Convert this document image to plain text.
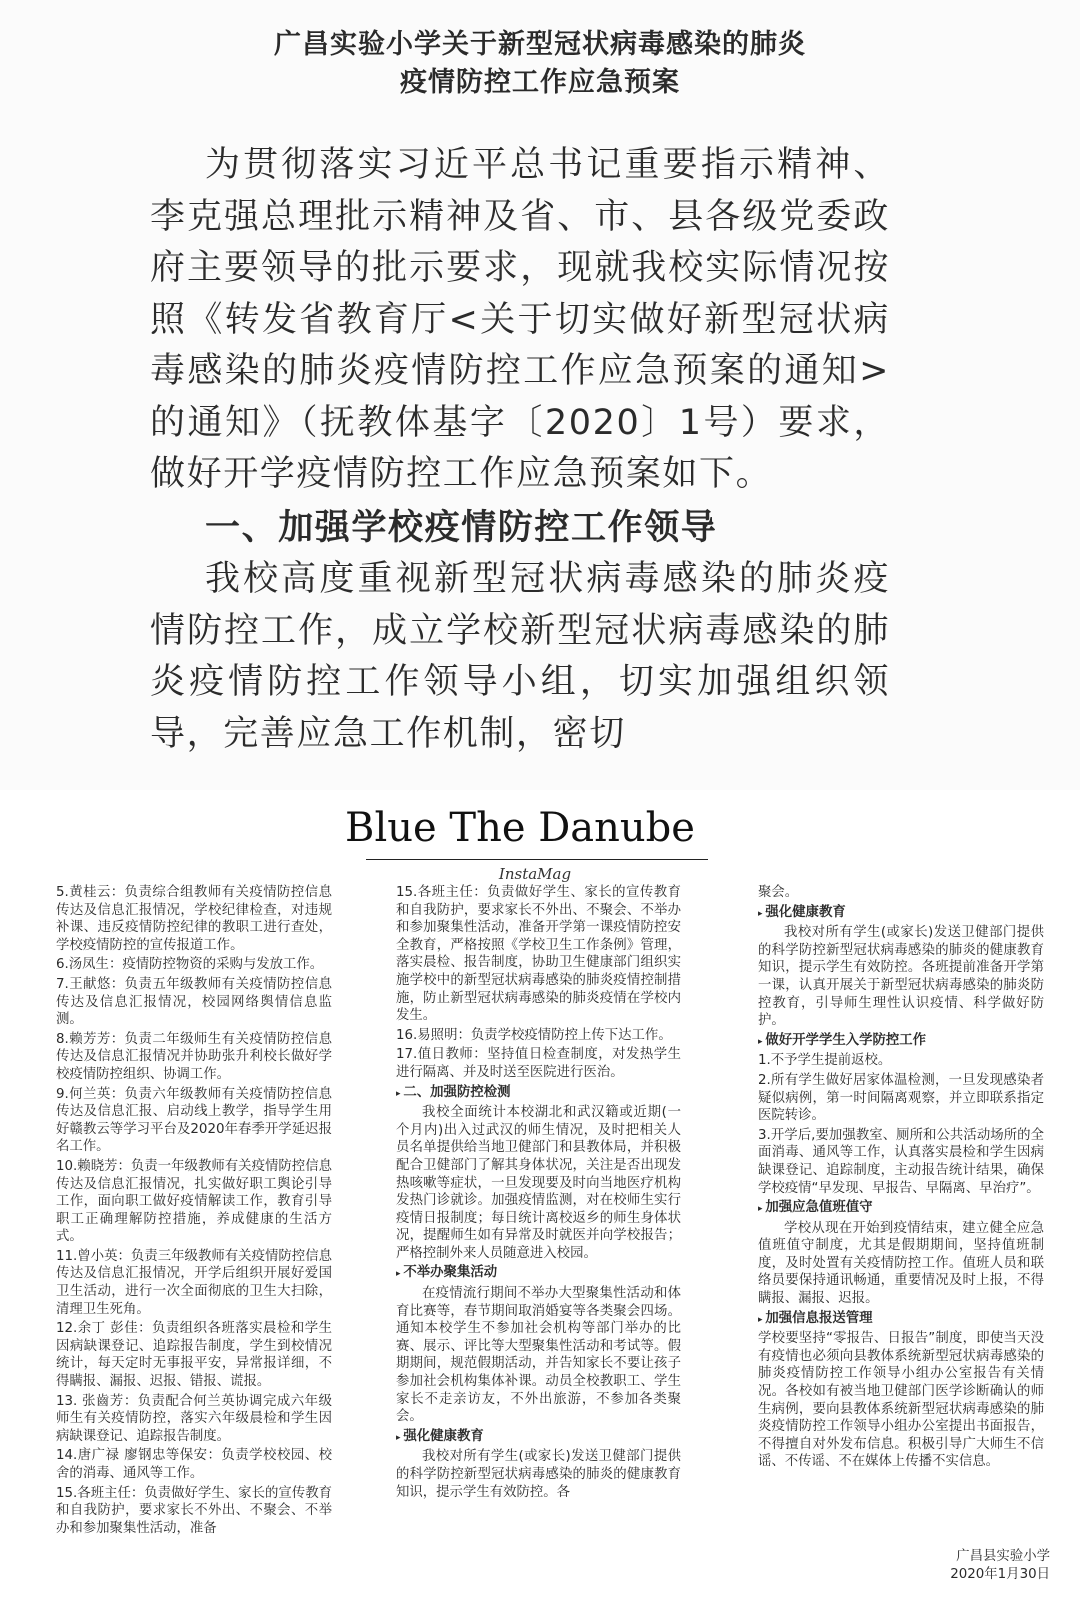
广昌实验小学关于新型冠状病毒感染的肺炎
疫情防控工作应急预案

为贯彻落实习近平总书记重要指示精神、李克强总理批示精神及省、市、县各级党委政府主要领导的批示要求，现就我校实际情况按照《转发省教育厅<关于切实做好新型冠状病毒感染的肺炎疫情防控工作应急预案的通知>的通知》（抚教体基字〔2020〕1号）要求，做好开学疫情防控工作应急预案如下。

一、加强学校疫情防控工作领导

我校高度重视新型冠状病毒感染的肺炎疫情防控工作，成立学校新型冠状病毒感染的肺炎疫情防控工作领导小组，切实加强组织领导，完善应急工作机制，密切

Blue The Danube
InstaMag

5.黄桂云：负责综合组教师有关疫情防控信息传达及信息汇报情况，学校纪律检查，对违规补课、违反疫情防控纪律的教职工进行查处，学校疫情防控的宣传报道工作。

6.汤凤生：疫情防控物资的采购与发放工作。

7.王献悠：负责五年级教师有关疫情防控信息传达及信息汇报情况，校园网络舆情信息监测。

8.赖芳芳：负责二年级师生有关疫情防控信息传达及信息汇报情况并协助张升利校长做好学校疫情防控组织、协调工作。

9.何兰英：负责六年级教师有关疫情防控信息传达及信息汇报、启动线上教学，指导学生用好赣教云等学习平台及2020年春季开学延迟报名工作。

10.赖晓芳：负责一年级教师有关疫情防控信息传达及信息汇报情况，扎实做好职工舆论引导工作，面向职工做好疫情解读工作，教育引导职工正确理解防控措施，养成健康的生活方式。

11.曾小英：负责三年级教师有关疫情防控信息传达及信息汇报情况，开学后组织开展好爱国卫生活动，进行一次全面彻底的卫生大扫除，清理卫生死角。

12.余丁 彭佳：负责组织各班落实晨检和学生因病缺课登记、追踪报告制度，学生到校情况统计，每天定时无事报平安，异常报详细，不得瞒报、漏报、迟报、错报、谎报。

13. 张齒芳：负责配合何兰英协调完成六年级师生有关疫情防控，落实六年级晨检和学生因病缺课登记、追踪报告制度。

14.唐广禄 廖钢忠等保安：负责学校校园、校舍的消毒、通风等工作。

15.各班主任：负责做好学生、家长的宣传教育和自我防护，要求家长不外出、不聚会、不举办和参加聚集性活动，准备

15.各班主任：负责做好学生、家长的宣传教育和自我防护，要求家长不外出、不聚会、不举办和参加聚集性活动，准备开学第一课疫情防控安全教育，严格按照《学校卫生工作条例》管理，落实晨检、报告制度，协助卫生健康部门组织实施学校中的新型冠状病毒感染的肺炎疫情控制措施，防止新型冠状病毒感染的肺炎疫情在学校内发生。

16.易照明：负责学校疫情防控上传下达工作。

17.值日教师：坚持值日检查制度，对发热学生进行隔离、并及时送至医院进行医治。

▸ 二、加强防控检测

我校全面统计本校湖北和武汉籍或近期(一个月内)出入过武汉的师生情况，及时把相关人员名单提供给当地卫健部门和县教体局，并积极配合卫健部门了解其身体状况，关注是否出现发热咳嗽等症状，一旦发现要及时向当地医疗机构发热门诊就诊。加强疫情监测，对在校师生实行疫情日报制度；每日统计离校返乡的师生身体状况，提醒师生如有异常及时就医并向学校报告；严格控制外来人员随意进入校园。

▸ 不举办聚集活动

在疫情流行期间不举办大型聚集性活动和体育比赛等，春节期间取消婚宴等各类聚会四场。通知本校学生不参加社会机构等部门举办的比赛、展示、评比等大型聚集性活动和考试等。假期期间，规范假期活动，并告知家长不要让孩子参加社会机构集体补课。动员全校教职工、学生家长不走亲访友，不外出旅游，不参加各类聚会。

▸ 强化健康教育

我校对所有学生(或家长)发送卫健部门提供的科学防控新型冠状病毒感染的肺炎的健康教育知识，提示学生有效防控。各

聚会。

▸ 强化健康教育

我校对所有学生(或家长)发送卫健部门提供的科学防控新型冠状病毒感染的肺炎的健康教育知识，提示学生有效防控。各班提前准备开学第一课，认真开展关于新型冠状病毒感染的肺炎防控教育，引导师生理性认识疫情、科学做好防护。

▸ 做好开学学生入学防控工作

1.不予学生提前返校。

2.所有学生做好居家体温检测，一旦发现感染者疑似病例，第一时间隔离观察，并立即联系指定医院转诊。

3.开学后,要加强教室、厕所和公共活动场所的全面消毒、通风等工作，认真落实晨检和学生因病缺课登记、追踪制度，主动报告统计结果，确保学校疫情“早发现、早报告、早隔离、早治疗”。

▸ 加强应急值班值守

学校从现在开始到疫情结束，建立健全应急值班值守制度，尤其是假期期间，坚持值班制度，及时处置有关疫情防控工作。值班人员和联络员要保持通讯畅通，重要情况及时上报，不得瞒报、漏报、迟报。

▸ 加强信息报送管理

学校要坚持“零报告、日报告”制度，即使当天没有疫情也必须向县教体系统新型冠状病毒感染的肺炎疫情防控工作领导小组办公室报告有关情况。各校如有被当地卫健部门医学诊断确认的师生病例，要向县教体系统新型冠状病毒感染的肺炎疫情防控工作领导小组办公室提出书面报告，不得擅自对外发布信息。积极引导广大师生不信谣、不传谣、不在媒体上传播不实信息。

广昌县实验小学
2020年1月30日
